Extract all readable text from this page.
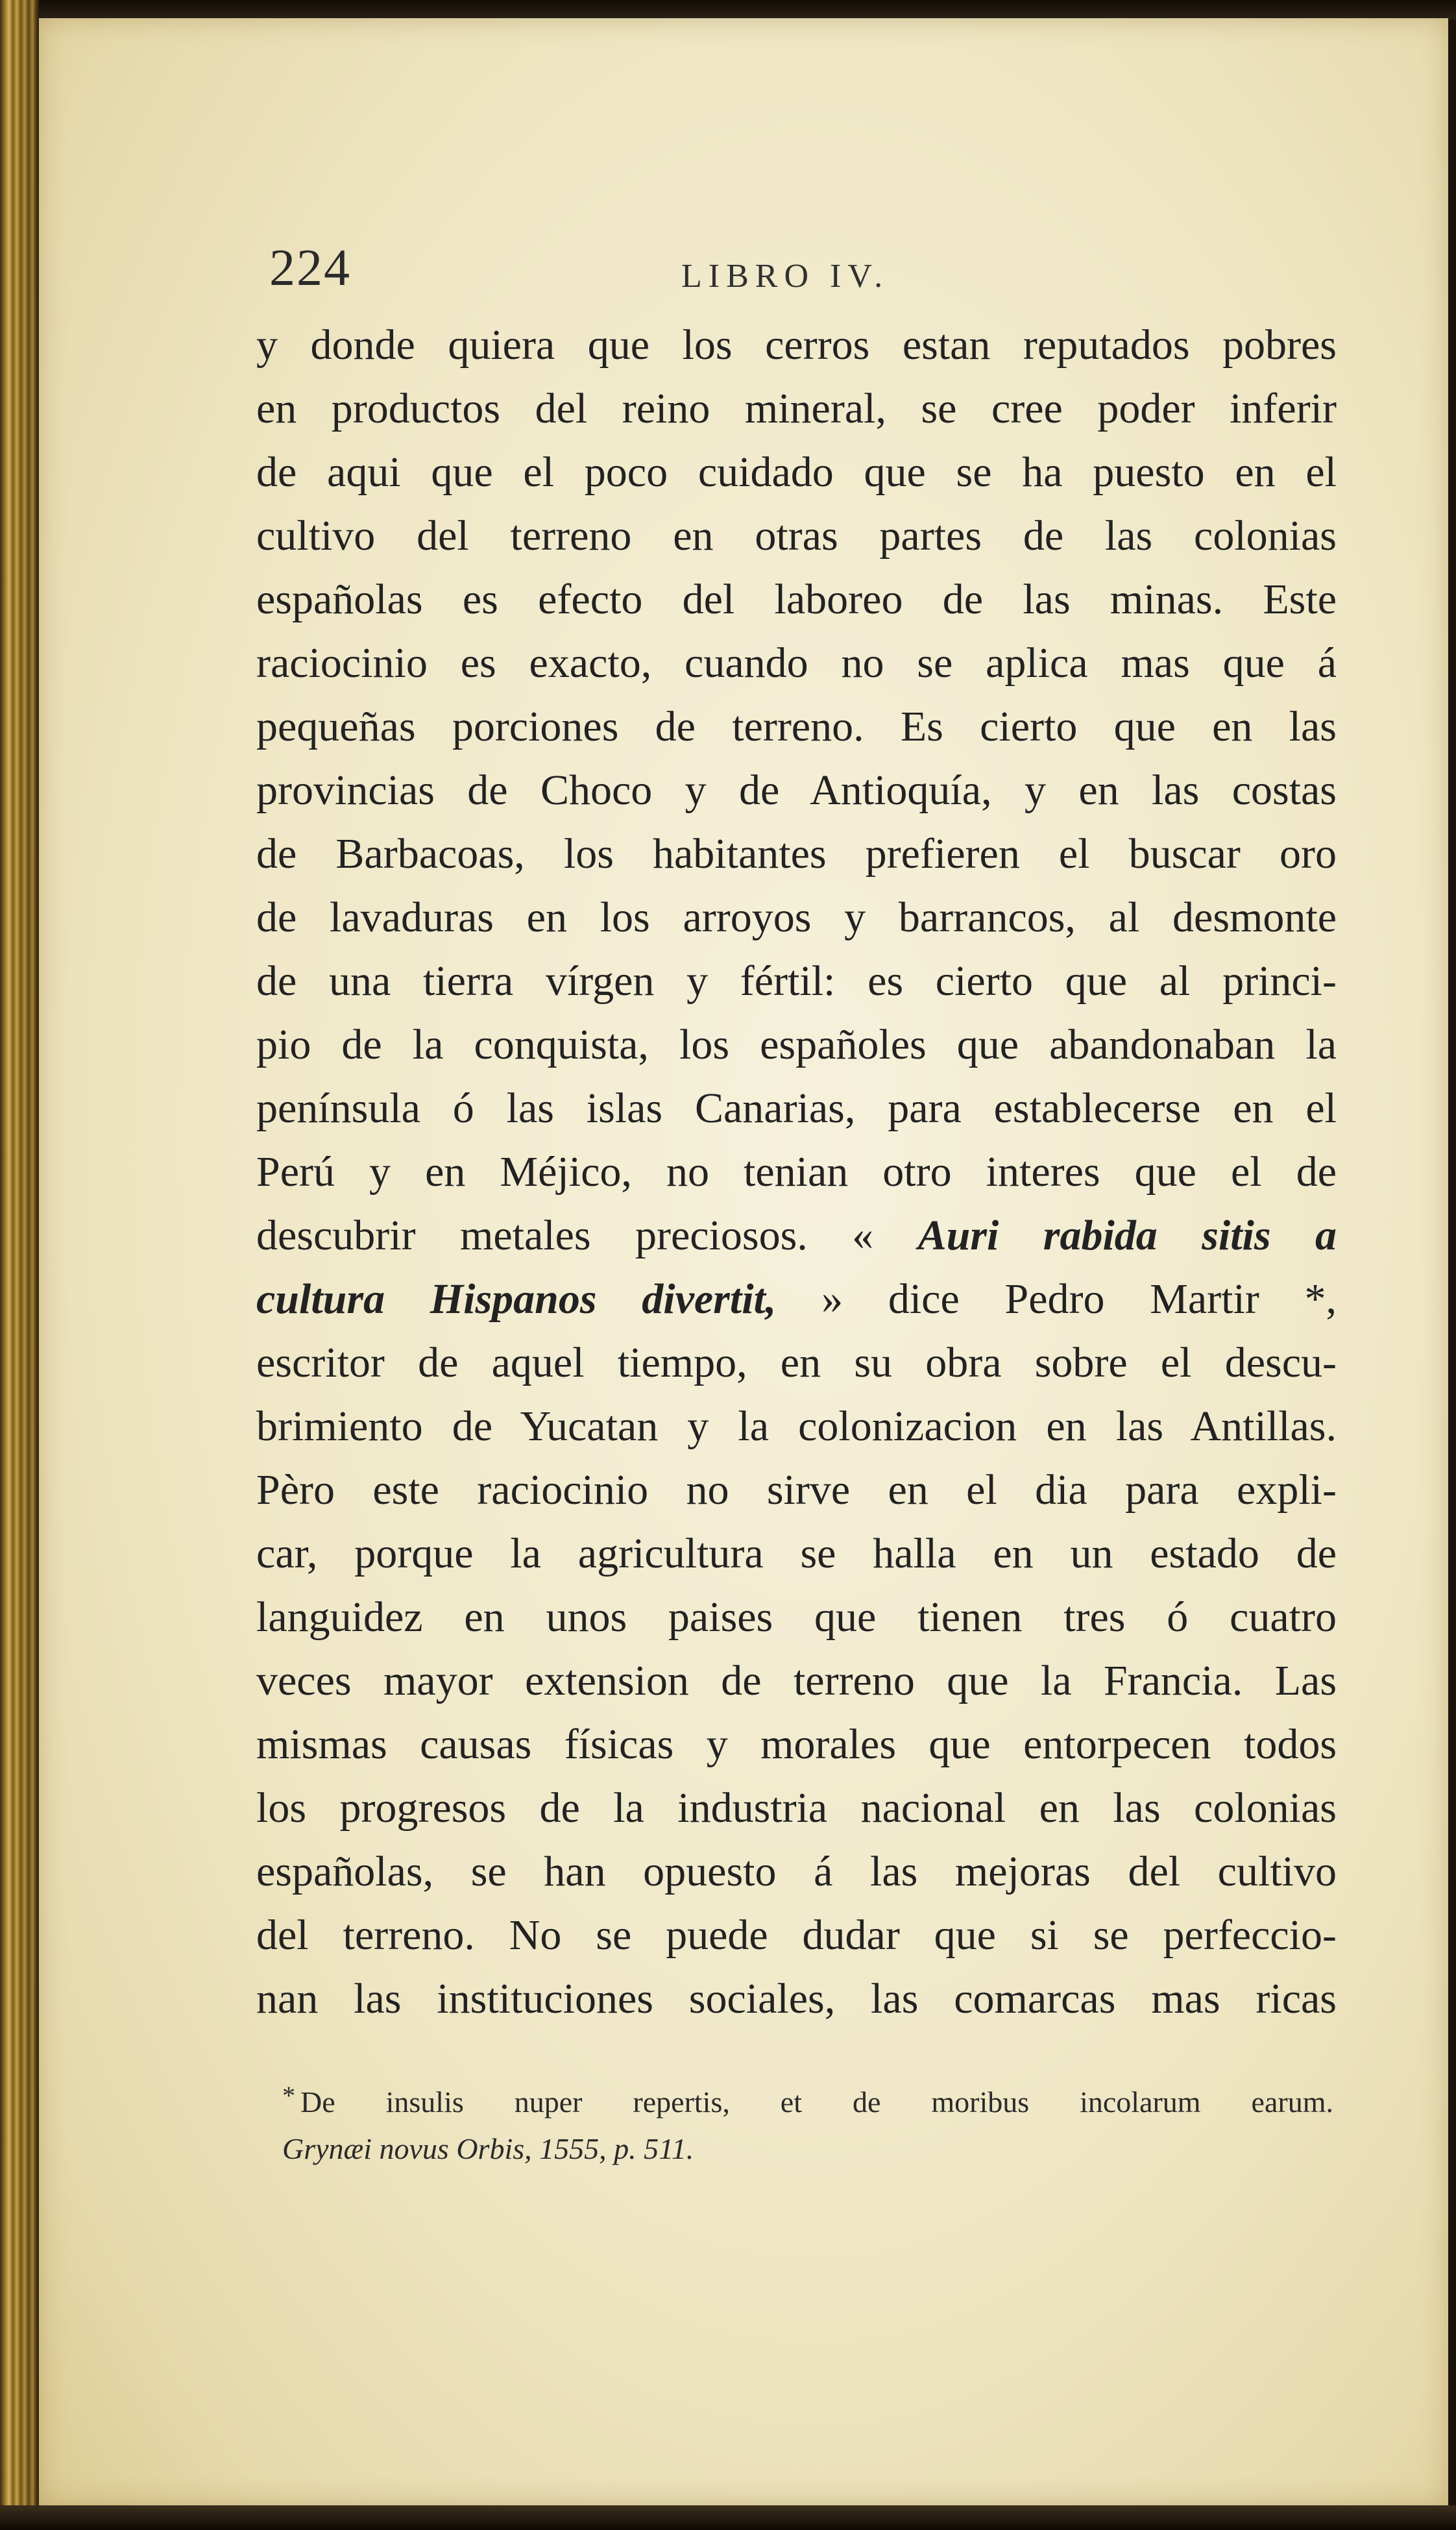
224	LIBRO IV.
y donde quiera que los cerros estan reputados pobres
en productos del reino mineral, se cree poder inferir
de aqui que el poco cuidado que se ha puesto en el
cultivo del terreno en otras partes de las colonias
españolas es efecto del laboreo de las minas. Este
raciocinio es exacto, cuando no se aplica mas que á
pequeñas porciones de terreno. Es cierto que en las
provincias de Choco y de Antioquía, y en las costas
de Barbacoas, los habitantes prefieren el buscar oro
de lavaduras en los arroyos y barrancos, al desmonte
de una tierra vírgen y fértil: es cierto que al princi-
pio de la conquista, los españoles que abandonaban la
península ó las islas Canarias, para establecerse en el
Perú y en Méjico, no tenian otro interes que el de
descubrir metales preciosos. « Auri rabida sitis a
cultura Hispanos divertit, » dice Pedro Martir *,
escritor de aquel tiempo, en su obra sobre el descu-
brimiento de Yucatan y la colonizacion en las Antillas.
Pèro este raciocinio no sirve en el dia para expli-
car, porque la agricultura se halla en un estado de
languidez en unos paises que tienen tres ó cuatro
veces mayor extension de terreno que la Francia. Las
mismas causas físicas y morales que entorpecen todos
los progresos de la industria nacional en las colonias
españolas, se han opuesto á las mejoras del cultivo
del terreno. No se puede dudar que si se perfeccio-
nan las instituciones sociales, las comarcas mas ricas
* De insulis nuper repertis, et de moribus incolarum earum.
Grynæi novus Orbis, 1555, p. 511.
